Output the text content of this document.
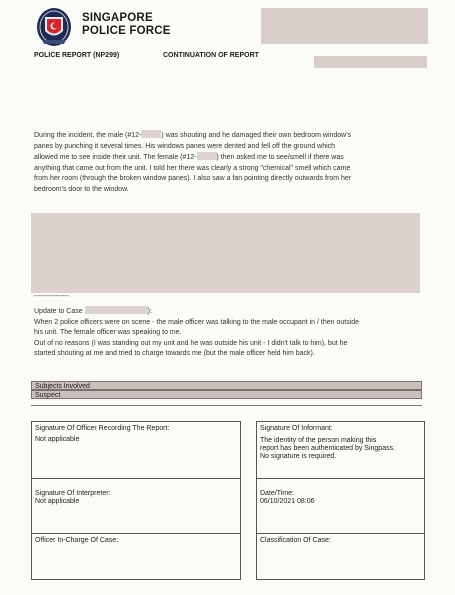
SINGAPORE
POLICE FORCE
POLICE REPORT (NP299)	CONTINUATION OF REPORT
During the incident, the male (#12-	) was shouting and he damaged their own bedroom window's
panes by punching it several times. His windows panes were dented and fell off the ground which
allowed me to see inside their unit. The female (#12-	) then asked me to see/smell if there was
anything that came out from the unit. I told her there was clearly a strong "chemical" smell which came
from her room (through the broken window panes). I also saw a fan pointing directly outwards from her
bedroom's door to the window.
---------------
Update to Case	):
When 2 police officers were on scene - the male officer was talking to the male occupant in / then outside
his unit. The female officer was speaking to me.
Out of no reasons (I was standing out my unit and he was outside his unit - I didn't talk to him), but he
started shouting at me and tried to charge towards me (but the male officer held him back).
Subjects Involved
Suspect
Signature Of Officer Recording The Report:
Not applicable
Signature Of Informant:
The identity of the person making this
report has been authenticated by Singpass.
No signature is required.
Signature Of Interpreter:
Not applicable
Date/Time:
06/10/2021 08:06
Officer In-Charge Of Case:	Classification Of Case:
